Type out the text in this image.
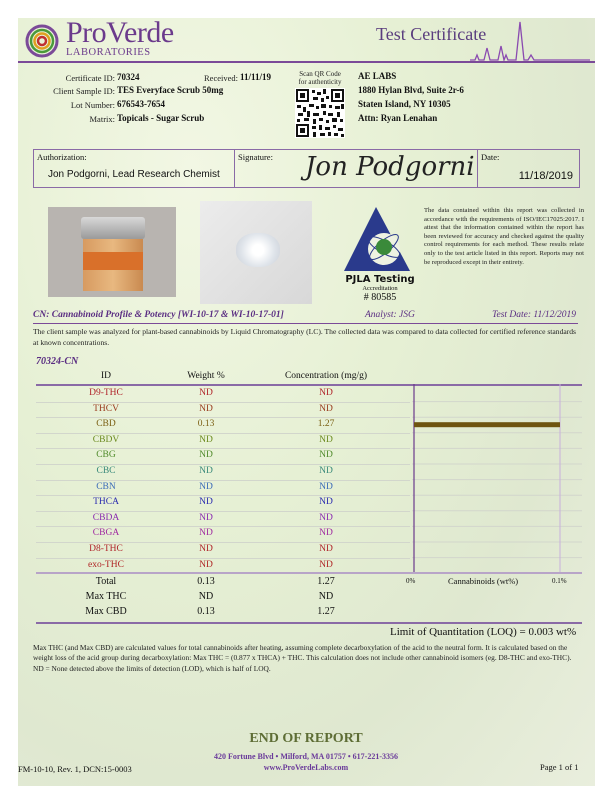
ProVerde
LABORATORIES
Test Certificate
Certificate ID: 70324	Received: 11/11/19
Client Sample ID: TES Everyface Scrub 50mg
Lot Number: 676543-7654
Matrix: Topicals - Sugar Scrub
Scan QR Code
for authenticity
AE LABS
1880 Hylan Blvd, Suite 2r-6
Staten Island, NY 10305
Attn: Ryan Lenahan
Authorization:
Jon Podgorni, Lead Research Chemist
Signature: Jon Podgorni Date:
11/18/2019
PJLA Testing
Accreditation
# 80585
The data contained within this report was collected in accordance with the requirements of ISO/IEC17025:2017. I attest that the information contained within the report has been reviewed for accuracy and checked against the quality control requirements for each method. These results relate only to the test article listed in this report. Reports may not be reproduced except in their entirety.
CN: Cannabinoid Profile & Potency [WI-10-17 & WI-10-17-01]	Analyst: JSG	Test Date: 11/12/2019
The client sample was analyzed for plant-based cannabinoids by Liquid Chromatography (LC). The collected data was compared to data collected for certified reference standards at known concentrations.
70324-CN
ID	Weight %	Concentration (mg/g)
D9-THC	ND	ND
THCV	ND	ND
CBD	0.13	1.27
CBDV	ND	ND
CBG	ND	ND
CBC	ND	ND
CBN	ND	ND
THCA	ND	ND
CBDA	ND	ND
CBGA	ND	ND
D8-THC	ND	ND
exo-THC	ND	ND
0%	Cannabinoids (wt%)	0.1%
Total	0.13	1.27
Max THC	ND	ND
Max CBD	0.13	1.27
Limit of Quantitation (LOQ) = 0.003 wt%
Max THC (and Max CBD) are calculated values for total cannabinoids after heating, assuming complete decarboxylation of the acid to the neutral form. It is calculated based on the weight loss of the acid group during decarboxylation: Max THC = (0.877 x THCA) + THC. This calculation does not include other cannabinoid isomers (eg. D8-THC and exo-THC). ND = None detected above the limits of detection (LOD), which is half of LOQ.
END OF REPORT
420 Fortune Blvd • Milford, MA 01757 • 617-221-3356
www.ProVerdeLabs.com
FM-10-10, Rev. 1, DCN:15-0003	Page 1 of 1
